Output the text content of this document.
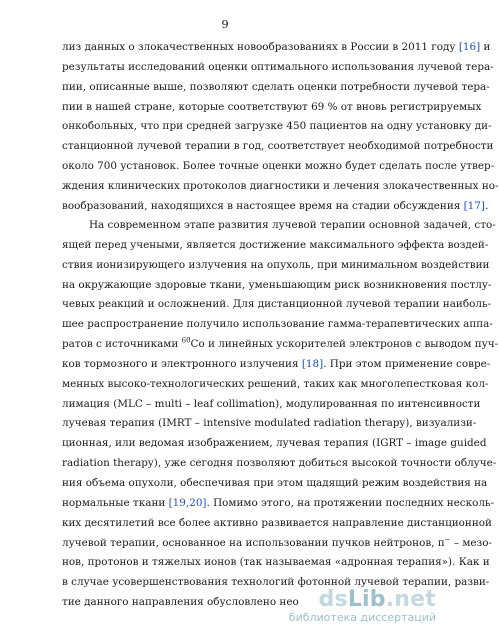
9
лиз данных о злокачественных новообразованиях в России в 2011 году [16] и
результаты исследований оценки оптимального использования лучевой тера-
пии, описанные выше, позволяют сделать оценки потребности лучевой тера-
пии в нашей стране, которые соответствуют 69 % от вновь регистрируемых
онкобольных, что при средней загрузке 450 пациентов на одну установку ди-
станционной лучевой терапии в год, соответствует необходимой потребности
около 700 установок. Более точные оценки можно будет сделать после утвер-
ждения клинических протоколов диагностики и лечения злокачественных но-
вообразований, находящихся в настоящее время на стадии обсуждения [17].
На современном этапе развития лучевой терапии основной задачей, сто-
ящей перед учеными, является достижение максимального эффекта воздей-
ствия ионизирующего излучения на опухоль, при минимальном воздействии
на окружающие здоровые ткани, уменьшающим риск возникновения постлу-
чевых реакций и осложнений. Для дистанционной лучевой терапии наиболь-
шее распространение получило использование гамма-терапевтических аппа-
ратов с источниками $^{60}$Co и линейных ускорителей электронов с выводом пуч-
ков тормозного и электронного излучения [18]. При этом применение совре-
менных высоко-технологических решений, таких как многолепестковая кол-
лимация (MLC – multi – leaf collimation), модулированная по интенсивности
лучевая терапия (IMRT – intensive modulated radiation therapy), визуализи-
ционная, или ведомая изображением, лучевая терапия (IGRT – image guided
radiation therapy), уже сегодня позволяют добиться высокой точности облуче-
ния объема опухоли, обеспечивая при этом щадящий режим воздействия на
нормальные ткани [19,20]. Помимо этого, на протяжении последних несколь-
ких десятилетий все более активно развивается направление дистанционной
лучевой терапии, основанное на использовании пучков нейтронов, π− – мезо-
нов, протонов и тяжелых ионов (так называемая «адронная терапия»). Как и
в случае усовершенствования технологий фотонной лучевой терапии, разви-
тие данного направления обусловлено нео dsLib.net
библиотека диссертаций
